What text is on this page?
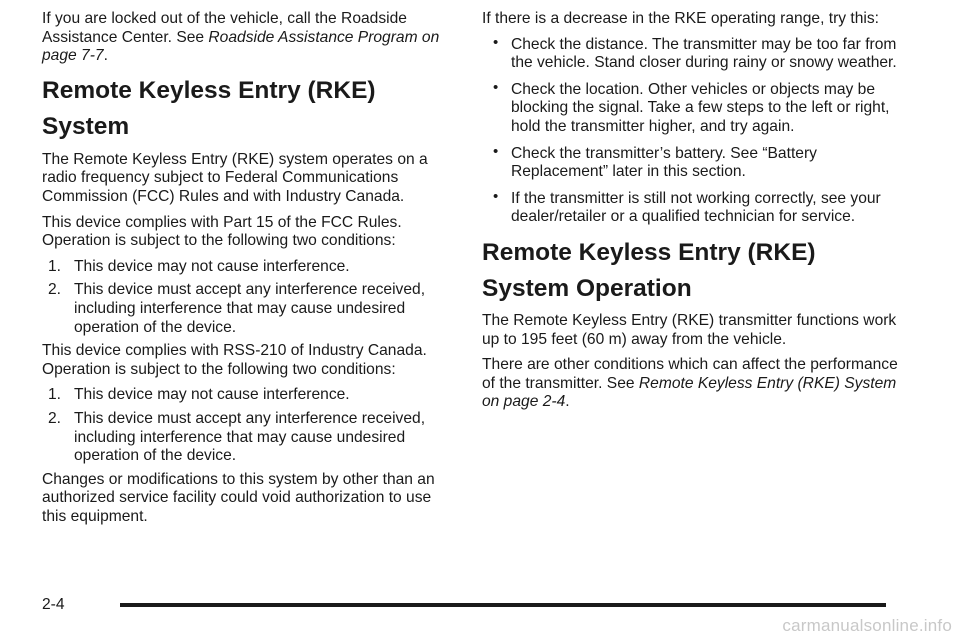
If you are locked out of the vehicle, call the Roadside Assistance Center. See Roadside Assistance Program on page 7-7.

Remote Keyless Entry (RKE) System

The Remote Keyless Entry (RKE) system operates on a radio frequency subject to Federal Communications Commission (FCC) Rules and with Industry Canada.

This device complies with Part 15 of the FCC Rules. Operation is subject to the following two conditions:

1. This device may not cause interference.
2. This device must accept any interference received, including interference that may cause undesired operation of the device.

This device complies with RSS-210 of Industry Canada. Operation is subject to the following two conditions:

1. This device may not cause interference.
2. This device must accept any interference received, including interference that may cause undesired operation of the device.

Changes or modifications to this system by other than an authorized service facility could void authorization to use this equipment.

If there is a decrease in the RKE operating range, try this:

• Check the distance. The transmitter may be too far from the vehicle. Stand closer during rainy or snowy weather.
• Check the location. Other vehicles or objects may be blocking the signal. Take a few steps to the left or right, hold the transmitter higher, and try again.
• Check the transmitter’s battery. See “Battery Replacement” later in this section.
• If the transmitter is still not working correctly, see your dealer/retailer or a qualified technician for service.
Remote Keyless Entry (RKE) System Operation

The Remote Keyless Entry (RKE) transmitter functions work up to 195 feet (60 m) away from the vehicle.

There are other conditions which can affect the performance of the transmitter. See Remote Keyless Entry (RKE) System on page 2-4.

2-4
carmanualsonline.info
